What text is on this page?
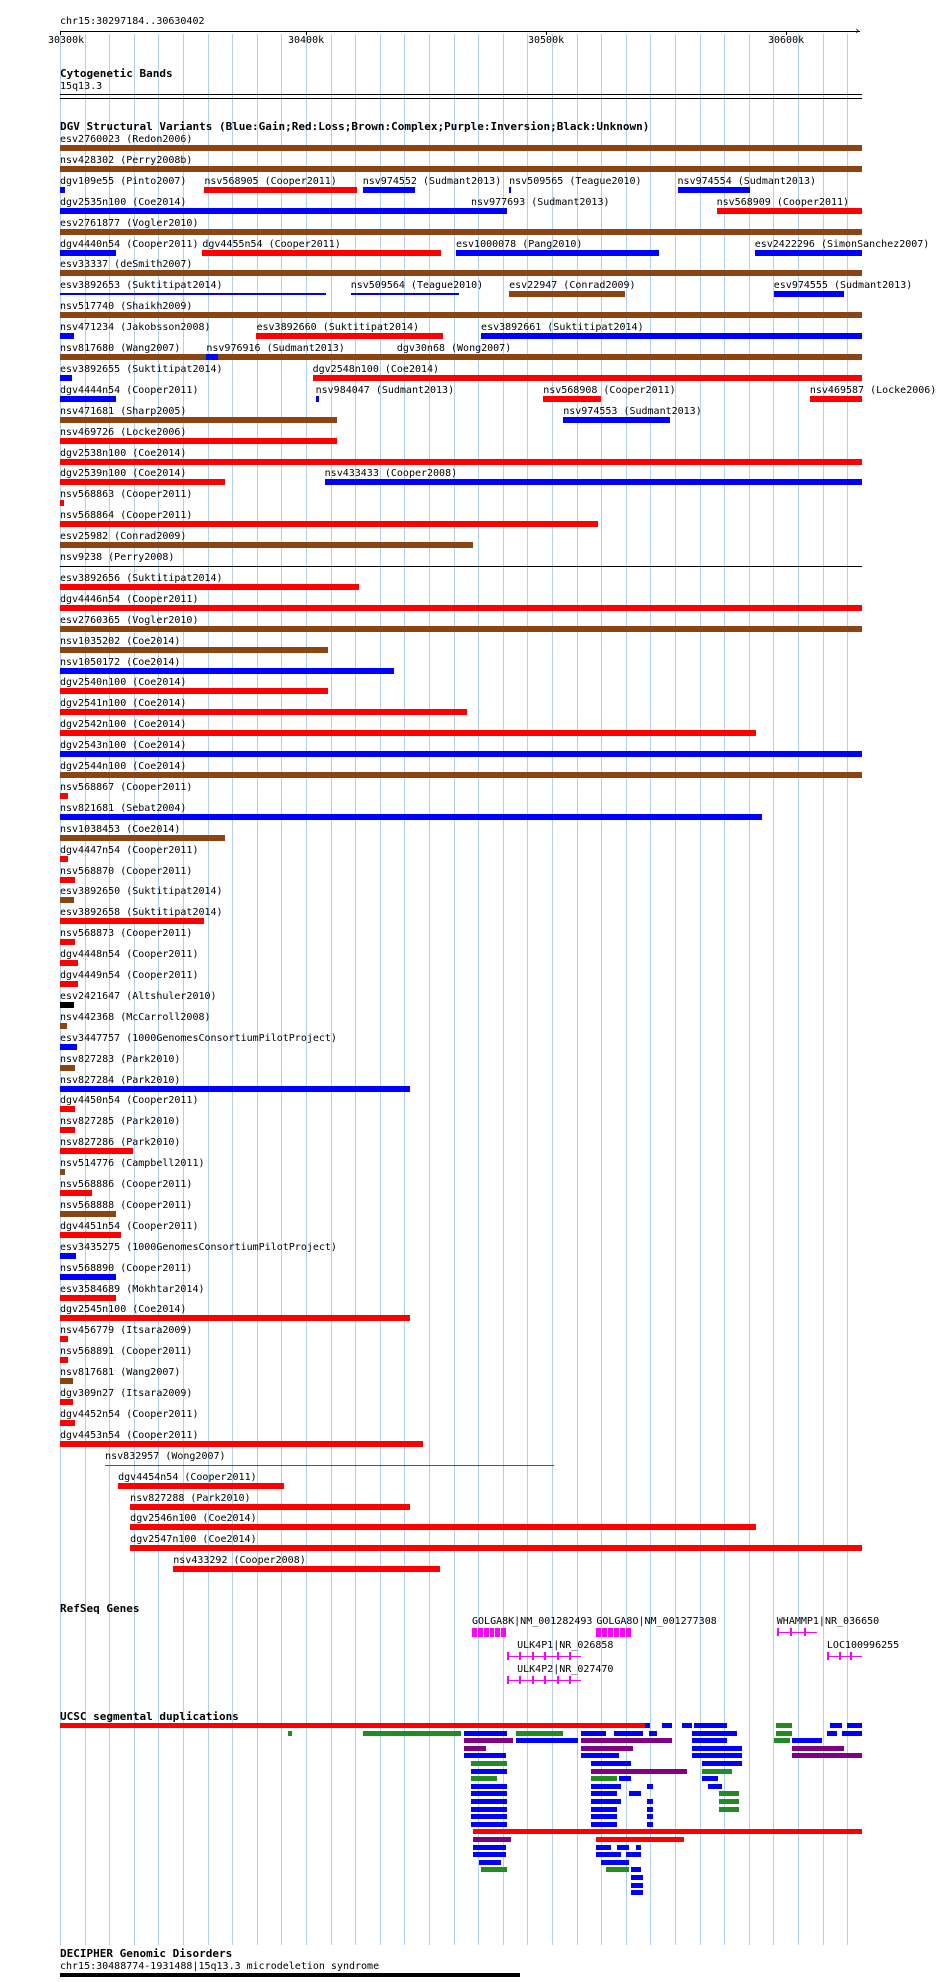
chr15:30297184..30630402
›
30300k	30400k	30500k	30600k
Cytogenetic Bands
15q13.3
DGV Structural Variants (Blue:Gain;Red:Loss;Brown:Complex;Purple:Inversion;Black:Unknown)
esv2760023 (Redon2006)
nsv428302 (Perry2008b)
dgv109e55 (Pinto2007) nsv568905 (Cooper2011)	nsv974552 (Sudmant2013) nsv509565 (Teague2010)	nsv974554 (Sudmant2013)
dgv2535n100 (Coe2014)	nsv977693 (Sudmant2013)	nsv568909 (Cooper2011)
esv2761877 (Vogler2010)
dgv4440n54 (Cooper2011) dgv4455n54 (Cooper2011)	esv1000078 (Pang2010)	esv2422296 (SimonSanchez2007)
esv33337 (deSmith2007)
esv3892653 (Suktitipat2014)	nsv509564 (Teague2010)	esv22947 (Conrad2009)	esv974555 (Sudmant2013)
nsv517740 (Shaikh2009)
nsv471234 (Jakobsson2008)	esv3892660 (Suktitipat2014)	esv3892661 (Suktitipat2014)
nsv817680 (Wang2007)	nsv976916 (Sudmant2013)	dgv30n68 (Wong2007)
esv3892655 (Suktitipat2014)	dgv2548n100 (Coe2014)
dgv4444n54 (Cooper2011)	nsv984047 (Sudmant2013)	nsv568908 (Cooper2011)	nsv469587 (Locke2006)
nsv471681 (Sharp2005)	nsv974553 (Sudmant2013)
nsv469726 (Locke2006)
dgv2538n100 (Coe2014)
dgv2539n100 (Coe2014)	nsv433433 (Cooper2008)
nsv568863 (Cooper2011)
nsv568864 (Cooper2011)
esv25982 (Conrad2009)
nsv9238 (Perry2008)
esv3892656 (Suktitipat2014)
dgv4446n54 (Cooper2011)
esv2760365 (Vogler2010)
nsv1035202 (Coe2014)
nsv1050172 (Coe2014)
dgv2540n100 (Coe2014)
dgv2541n100 (Coe2014)
dgv2542n100 (Coe2014)
dgv2543n100 (Coe2014)
dgv2544n100 (Coe2014)
nsv568867 (Cooper2011)
nsv821681 (Sebat2004)
nsv1038453 (Coe2014)
dgv4447n54 (Cooper2011)
nsv568870 (Cooper2011)
esv3892650 (Suktitipat2014)
esv3892658 (Suktitipat2014)
nsv568873 (Cooper2011)
dgv4448n54 (Cooper2011)
dgv4449n54 (Cooper2011)
esv2421647 (Altshuler2010)
nsv442368 (McCarroll2008)
esv3447757 (1000GenomesConsortiumPilotProject)
nsv827283 (Park2010)
nsv827284 (Park2010)
dgv4450n54 (Cooper2011)
nsv827285 (Park2010)
nsv827286 (Park2010)
nsv514776 (Campbell2011)
nsv568886 (Cooper2011)
nsv568888 (Cooper2011)
dgv4451n54 (Cooper2011)
esv3435275 (1000GenomesConsortiumPilotProject)
nsv568890 (Cooper2011)
esv3584689 (Mokhtar2014)
dgv2545n100 (Coe2014)
nsv456779 (Itsara2009)
nsv568891 (Cooper2011)
nsv817681 (Wang2007)
dgv309n27 (Itsara2009)
dgv4452n54 (Cooper2011)
dgv4453n54 (Cooper2011)
nsv832957 (Wong2007)
dgv4454n54 (Cooper2011)
nsv827288 (Park2010)
dgv2546n100 (Coe2014)
dgv2547n100 (Coe2014)
nsv433292 (Cooper2008)
RefSeq Genes
GOLGA8K|NM_001282493 GOLGA8O|NM_001277308	WHAMMP1|NR_036650
ULK4P1|NR_026858	LOC100996255
ULK4P2|NR_027470
UCSC segmental duplications
DECIPHER Genomic Disorders
chr15:30488774-1931488|15q13.3 microdeletion syndrome
